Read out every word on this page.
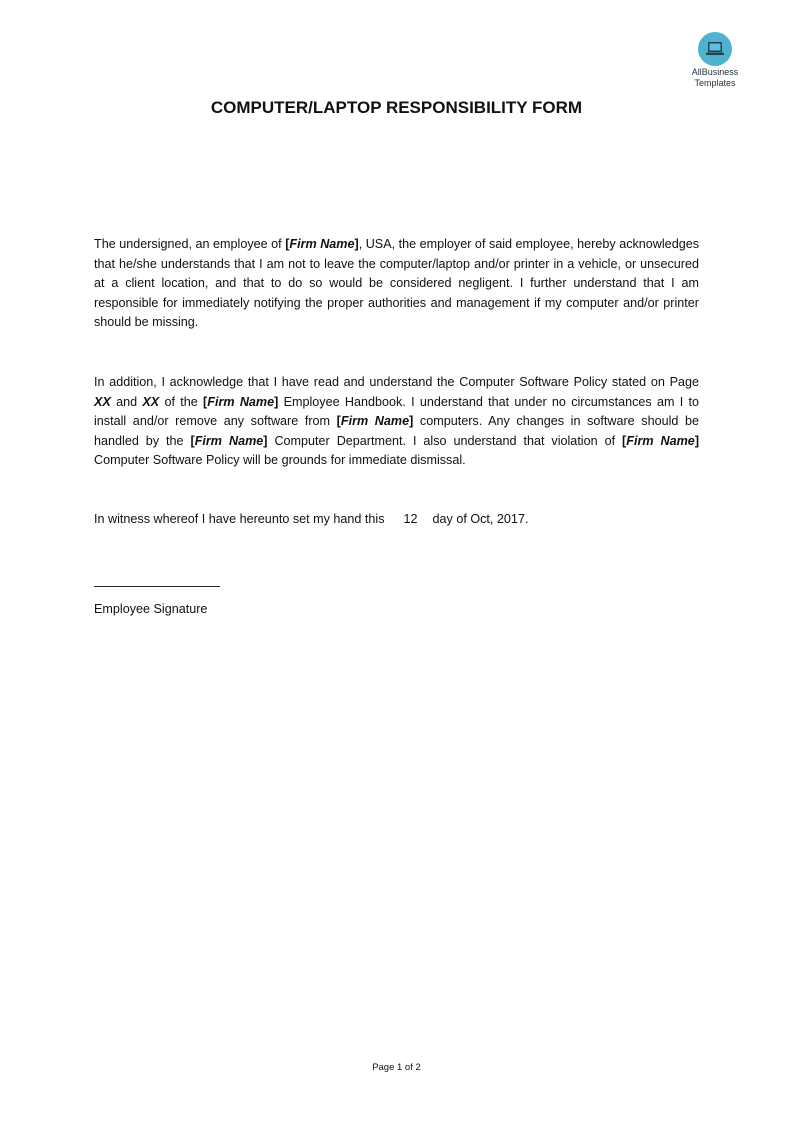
AllBusiness
Templates
COMPUTER/LAPTOP RESPONSIBILITY FORM

The undersigned, an employee of [Firm Name], USA, the employer of said employee, hereby acknowledges that he/she understands that I am not to leave the computer/laptop and/or printer in a vehicle, or unsecured at a client location, and that to do so would be considered negligent. I further understand that I am responsible for immediately notifying the proper authorities and management if my computer and/or printer should be missing.

In addition, I acknowledge that I have read and understand the Computer Software Policy stated on Page XX and XX of the [Firm Name] Employee Handbook. I understand that under no circumstances am I to install and/or remove any software from [Firm Name] computers. Any changes in software should be handled by the [Firm Name] Computer Department. I also understand that violation of [Firm Name] Computer Software Policy will be grounds for immediate dismissal.

In witness whereof I have hereunto set my hand this 12 day of Oct, 2017.
Employee Signature
Page 1 of 2
